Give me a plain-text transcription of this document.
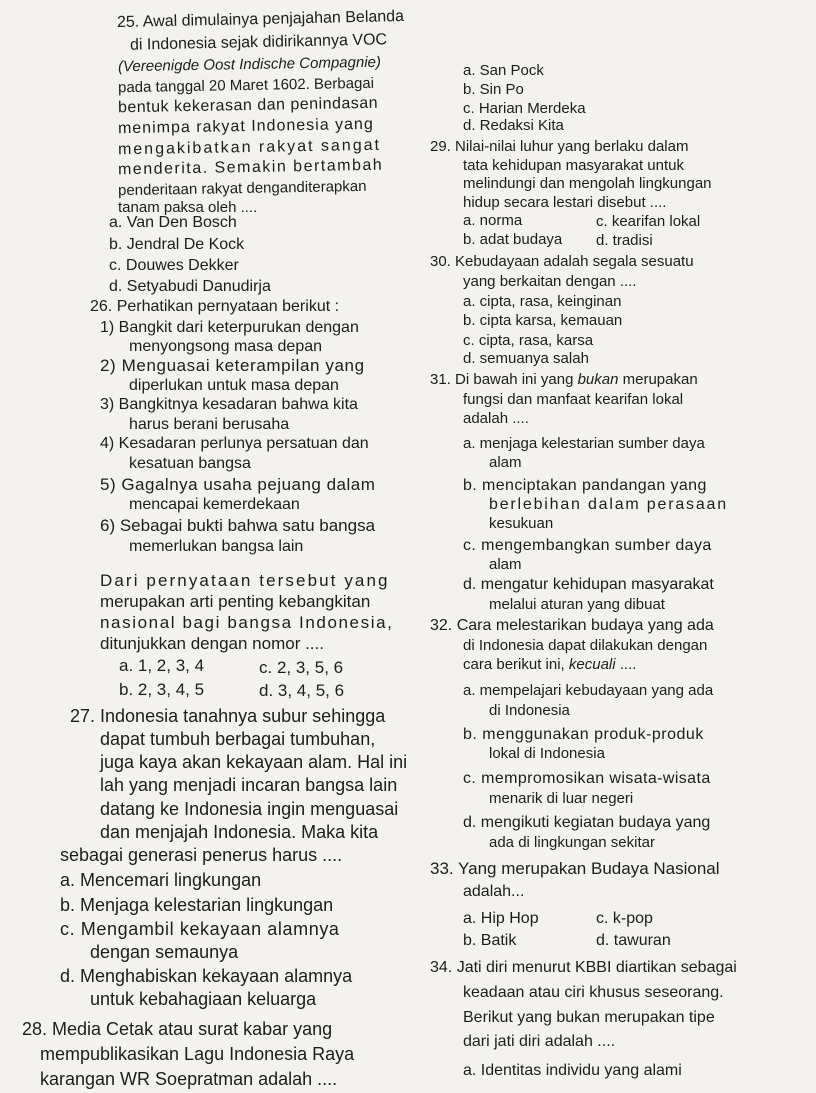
25. Awal dimulainya penjajahan Belanda
di Indonesia sejak didirikannya VOC
(Vereenigde Oost Indische Compagnie)
pada tanggal 20 Maret 1602. Berbagai
bentuk kekerasan dan penindasan
menimpa rakyat Indonesia yang
mengakibatkan rakyat sangat
menderita. Semakin bertambah
penderitaan rakyat denganditerapkan
tanam paksa oleh ....
a. Van Den Bosch
b. Jendral De Kock
c. Douwes Dekker
d. Setyabudi Danudirja
26. Perhatikan pernyataan berikut :
1) Bangkit dari keterpurukan dengan
menyongsong masa depan
2) Menguasai keterampilan yang
diperlukan untuk masa depan
3) Bangkitnya kesadaran bahwa kita
harus berani berusaha
4) Kesadaran perlunya persatuan dan
kesatuan bangsa
5) Gagalnya usaha pejuang dalam
mencapai kemerdekaan
6) Sebagai bukti bahwa satu bangsa
memerlukan bangsa lain
Dari pernyataan tersebut yang
merupakan arti penting kebangkitan
nasional bagi bangsa Indonesia,
ditunjukkan dengan nomor ....
a. 1, 2, 3, 4	c. 2, 3, 5, 6
b. 2, 3, 4, 5	d. 3, 4, 5, 6
27. Indonesia tanahnya subur sehingga
dapat tumbuh berbagai tumbuhan,
juga kaya akan kekayaan alam. Hal ini
lah yang menjadi incaran bangsa lain
datang ke Indonesia ingin menguasai
dan menjajah Indonesia. Maka kita
sebagai generasi penerus harus ....
a. Mencemari lingkungan
b. Menjaga kelestarian lingkungan
c. Mengambil kekayaan alamnya
dengan semaunya
d. Menghabiskan kekayaan alamnya
untuk kebahagiaan keluarga
28. Media Cetak atau surat kabar yang
mempublikasikan Lagu Indonesia Raya
karangan WR Soepratman adalah ....
a. San Pock
b. Sin Po
c. Harian Merdeka
d. Redaksi Kita
29. Nilai-nilai luhur yang berlaku dalam
tata kehidupan masyarakat untuk
melindungi dan mengolah lingkungan
hidup secara lestari disebut ....
a. norma	c. kearifan lokal
b. adat budaya d. tradisi
30. Kebudayaan adalah segala sesuatu
yang berkaitan dengan ....
a. cipta, rasa, keinginan
b. cipta karsa, kemauan
c. cipta, rasa, karsa
d. semuanya salah
31. Di bawah ini yang bukan merupakan
fungsi dan manfaat kearifan lokal
adalah ....
a. menjaga kelestarian sumber daya
alam
b. menciptakan pandangan yang
berlebihan dalam perasaan
kesukuan
c. mengembangkan sumber daya
alam
d. mengatur kehidupan masyarakat
melalui aturan yang dibuat
32. Cara melestarikan budaya yang ada
di Indonesia dapat dilakukan dengan
cara berikut ini, kecuali ....
a. mempelajari kebudayaan yang ada
di Indonesia
b. menggunakan produk-produk
lokal di Indonesia
c. mempromosikan wisata-wisata
menarik di luar negeri
d. mengikuti kegiatan budaya yang
ada di lingkungan sekitar
33. Yang merupakan Budaya Nasional
adalah...
a. Hip Hop	c. k-pop
b. Batik	d. tawuran
34. Jati diri menurut KBBI diartikan sebagai
keadaan atau ciri khusus seseorang.
Berikut yang bukan merupakan tipe
dari jati diri adalah ....
a. Identitas individu yang alami
